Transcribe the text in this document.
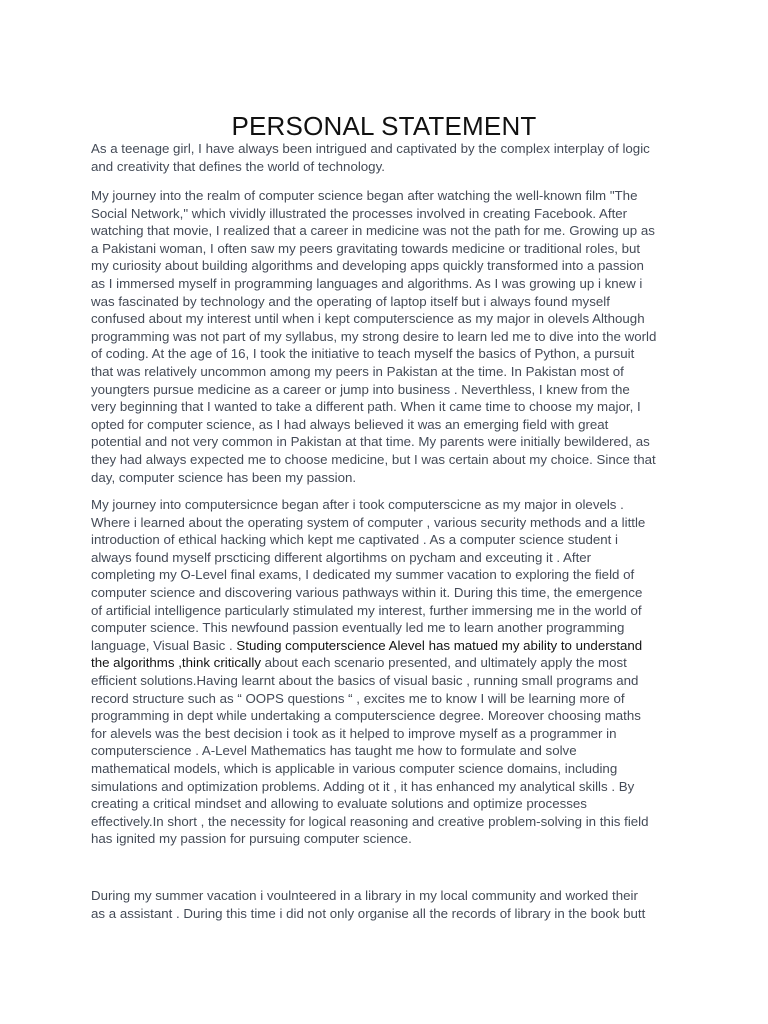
PERSONAL STATEMENT

As a teenage girl, I have always been intrigued and captivated by the complex interplay of logic
and creativity that defines the world of technology.

My journey into the realm of computer science began after watching the well-known film "The
Social Network," which vividly illustrated the processes involved in creating Facebook. After
watching that movie, I realized that a career in medicine was not the path for me. Growing up as
a Pakistani woman, I often saw my peers gravitating towards medicine or traditional roles, but
my curiosity about building algorithms and developing apps quickly transformed into a passion
as I immersed myself in programming languages and algorithms. As I was growing up i knew i
was fascinated by technology and the operating of laptop itself but i always found myself
confused about my interest until when i kept computerscience as my major in olevels Although
programming was not part of my syllabus, my strong desire to learn led me to dive into the world
of coding. At the age of 16, I took the initiative to teach myself the basics of Python, a pursuit
that was relatively uncommon among my peers in Pakistan at the time. In Pakistan most of
youngters pursue medicine as a career or jump into business . Neverthless, I knew from the
very beginning that I wanted to take a different path. When it came time to choose my major, I
opted for computer science, as I had always believed it was an emerging field with great
potential and not very common in Pakistan at that time. My parents were initially bewildered, as
they had always expected me to choose medicine, but I was certain about my choice. Since that
day, computer science has been my passion.

My journey into computersicnce began after i took computerscicne as my major in olevels .
Where i learned about the operating system of computer , various security methods and a little
introduction of ethical hacking which kept me captivated . As a computer science student i
always found myself prscticing different algortihms on pycham and exceuting it . After
completing my O-Level final exams, I dedicated my summer vacation to exploring the field of
computer science and discovering various pathways within it. During this time, the emergence
of artificial intelligence particularly stimulated my interest, further immersing me in the world of
computer science. This newfound passion eventually led me to learn another programming
language, Visual Basic . Studing computerscience Alevel has matued my ability to understand
the algorithms ,think critically about each scenario presented, and ultimately apply the most
efficient solutions.Having learnt about the basics of visual basic , running small programs and
record structure such as “ OOPS questions “ , excites me to know I will be learning more of
programming in dept while undertaking a computerscience degree. Moreover choosing maths
for alevels was the best decision i took as it helped to improve myself as a programmer in
computerscience . A-Level Mathematics has taught me how to formulate and solve
mathematical models, which is applicable in various computer science domains, including
simulations and optimization problems. Adding ot it , it has enhanced my analytical skills . By
creating a critical mindset and allowing to evaluate solutions and optimize processes
effectively.In short , the necessity for logical reasoning and creative problem-solving in this field
has ignited my passion for pursuing computer science.

During my summer vacation i voulnteered in a library in my local community and worked their
as a assistant . During this time i did not only organise all the records of library in the book butt
